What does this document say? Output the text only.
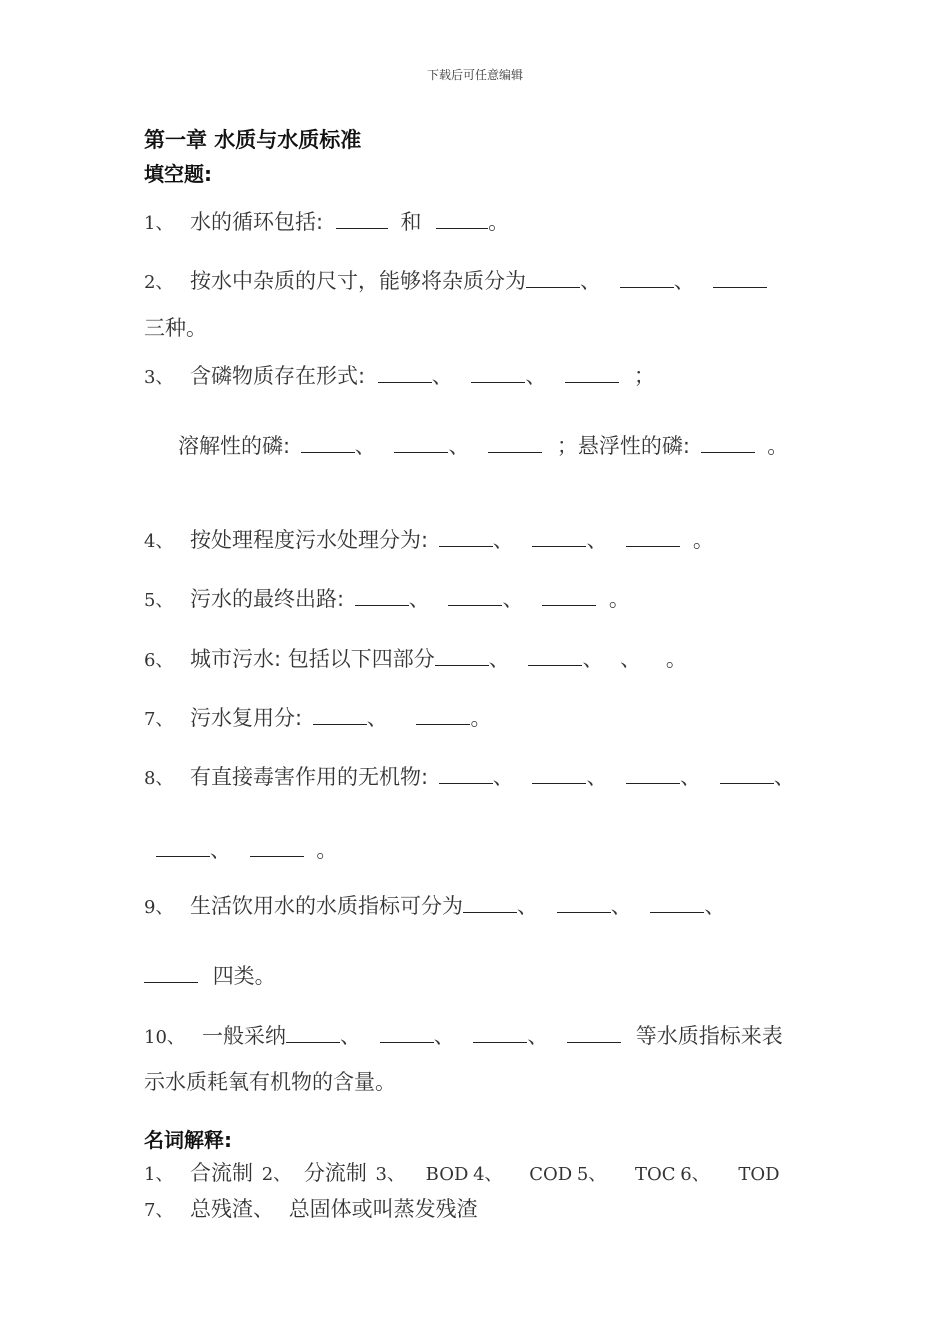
下载后可任意编辑
第一章 水质与水质标准
填空题:
1、 水的循环包括:	和	。
2、 按水中杂质的尺寸，能够将杂质分为	、	、
三种。
3、 含磷物质存在形式:	、	、	；
溶解性的磷:	、	、	；悬浮性的磷:	。
4、 按处理程度污水处理分为:	、	、	。
5、 污水的最终出路:	、	、	。
6、 城市污水: 包括以下四部分	、	、 、 。
7、 污水复用分:	、	。
8、 有直接毒害作用的无机物:	、	、	、	、
、	。
9、 生活饮用水的水质指标可分为	、	、	、
四类。
10、 一般采纳	、	、	、	等水质指标来表
示水质耗氧有机物的含量。
名词解释:
1、 合流制 2、 分流制 3、 BOD 4、 COD 5、 TOC 6、 TOD
7、 总残渣、 总固体或叫蒸发残渣
